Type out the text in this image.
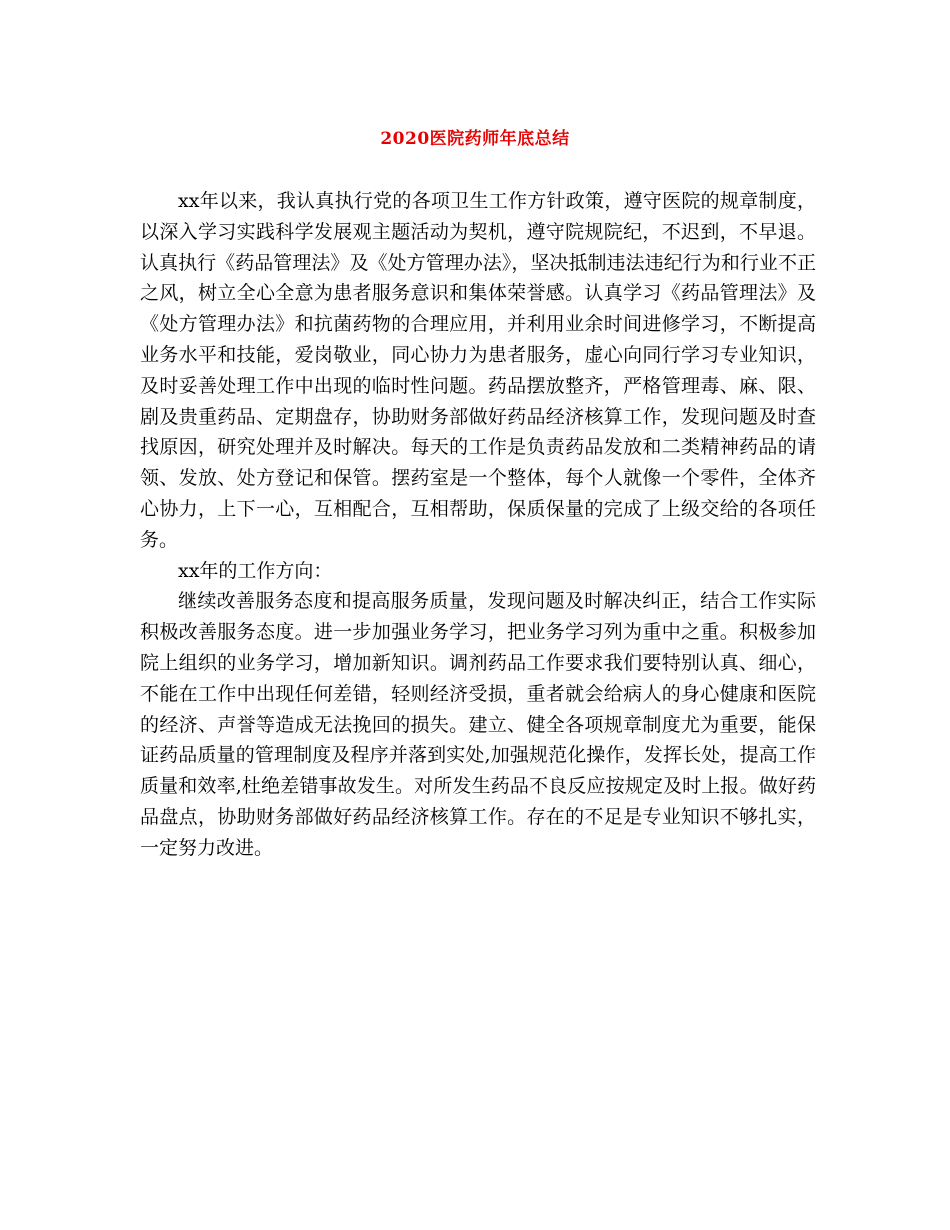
2020医院药师年底总结

xx年以来，我认真执行党的各项卫生工作方针政策，遵守医院的规章制度，以深入学习实践科学发展观主题活动为契机，遵守院规院纪，不迟到，不早退。认真执行《药品管理法》及《处方管理办法》，坚决抵制违法违纪行为和行业不正之风，树立全心全意为患者服务意识和集体荣誉感。认真学习《药品管理法》及《处方管理办法》和抗菌药物的合理应用，并利用业余时间进修学习，不断提高业务水平和技能，爱岗敬业，同心协力为患者服务，虚心向同行学习专业知识，及时妥善处理工作中出现的临时性问题。药品摆放整齐，严格管理毒、麻、限、剧及贵重药品、定期盘存，协助财务部做好药品经济核算工作，发现问题及时查找原因，研究处理并及时解决。每天的工作是负责药品发放和二类精神药品的请领、发放、处方登记和保管。摆药室是一个整体，每个人就像一个零件，全体齐心协力，上下一心，互相配合，互相帮助，保质保量的完成了上级交给的各项任务。

xx年的工作方向：

继续改善服务态度和提高服务质量，发现问题及时解决纠正，结合工作实际积极改善服务态度。进一步加强业务学习，把业务学习列为重中之重。积极参加院上组织的业务学习，增加新知识。调剂药品工作要求我们要特别认真、细心，不能在工作中出现任何差错，轻则经济受损，重者就会给病人的身心健康和医院的经济、声誉等造成无法挽回的损失。建立、健全各项规章制度尤为重要，能保证药品质量的管理制度及程序并落到实处,加强规范化操作，发挥长处，提高工作质量和效率,杜绝差错事故发生。对所发生药品不良反应按规定及时上报。做好药品盘点，协助财务部做好药品经济核算工作。存在的不足是专业知识不够扎实，一定努力改进。
